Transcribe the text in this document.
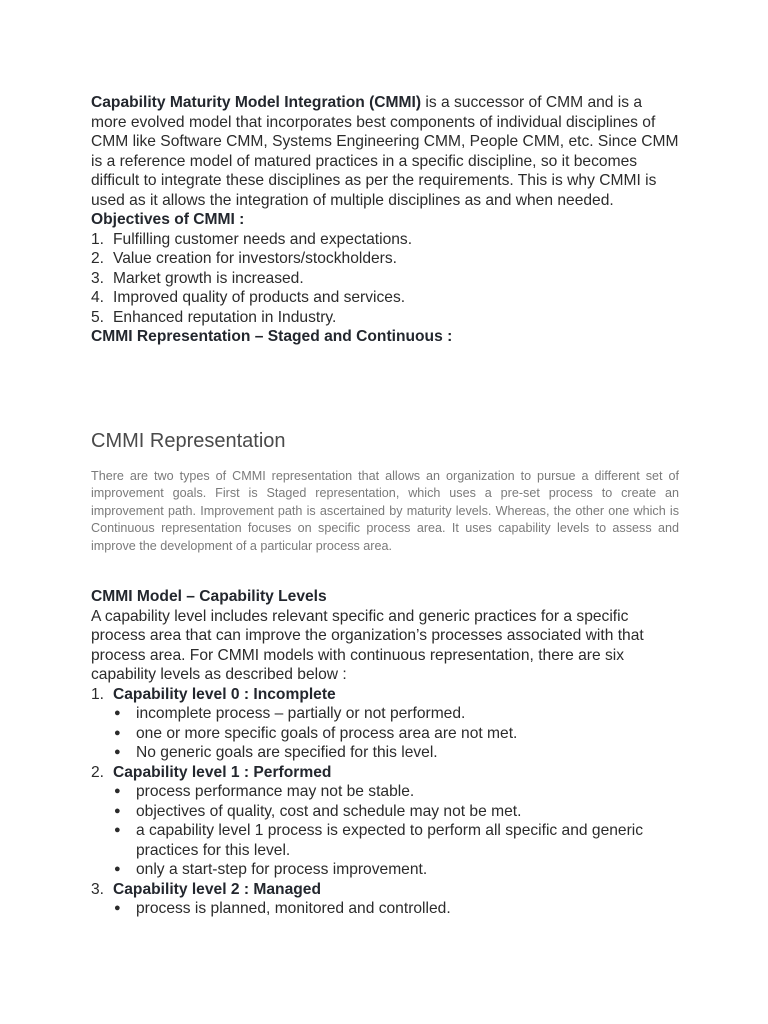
Capability Maturity Model Integration (CMMI) is a successor of CMM and is a more evolved model that incorporates best components of individual disciplines of CMM like Software CMM, Systems Engineering CMM, People CMM, etc. Since CMM is a reference model of matured practices in a specific discipline, so it becomes difficult to integrate these disciplines as per the requirements. This is why CMMI is used as it allows the integration of multiple disciplines as and when needed.

Objectives of CMMI :
1. Fulfilling customer needs and expectations.
2. Value creation for investors/stockholders.
3. Market growth is increased.
4. Improved quality of products and services.
5. Enhanced reputation in Industry.
CMMI Representation – Staged and Continuous :
CMMI Representation

There are two types of CMMI representation that allows an organization to pursue a different set of improvement goals. First is Staged representation, which uses a pre-set process to create an improvement path. Improvement path is ascertained by maturity levels. Whereas, the other one which is Continuous representation focuses on specific process area. It uses capability levels to assess and improve the development of a particular process area.

CMMI Model – Capability Levels

A capability level includes relevant specific and generic practices for a specific process area that can improve the organization’s processes associated with that process area. For CMMI models with continuous representation, there are six capability levels as described below :

1. Capability level 0 : Incomplete
● incomplete process – partially or not performed.
● one or more specific goals of process area are not met.
● No generic goals are specified for this level.
2. Capability level 1 : Performed
● process performance may not be stable.
● objectives of quality, cost and schedule may not be met.
● a capability level 1 process is expected to perform all specific and generic practices for this level.
● only a start-step for process improvement.
3. Capability level 2 : Managed
● process is planned, monitored and controlled.
